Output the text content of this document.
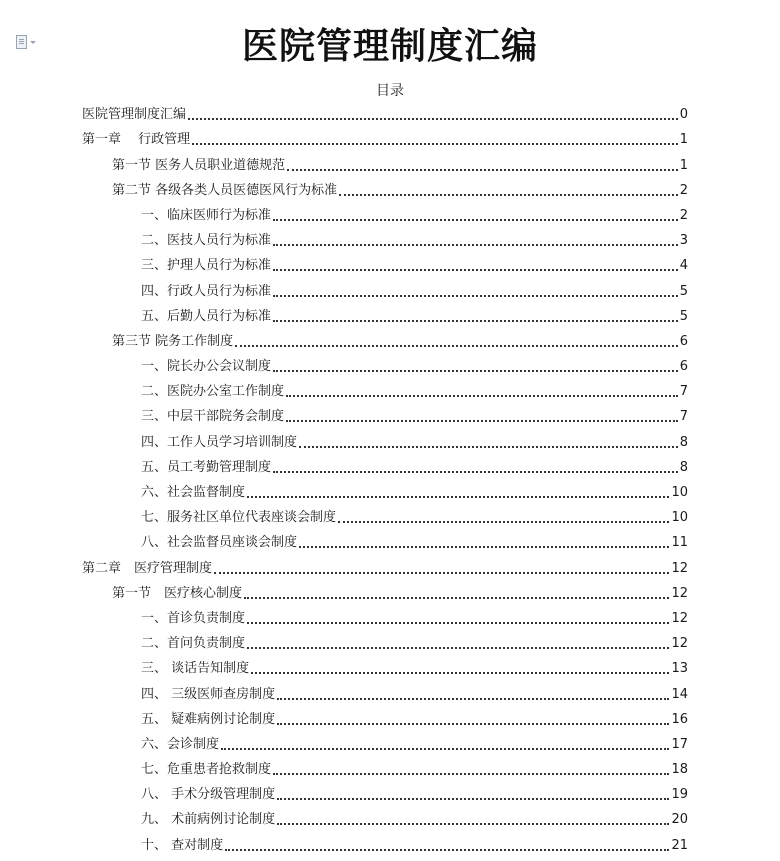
医院管理制度汇编
目录
医院管理制度汇编	0
第一章　 行政管理	1
第一节 医务人员职业道德规范	1
第二节 各级各类人员医德医风行为标准	2
一、临床医师行为标准	2
二、医技人员行为标准	3
三、护理人员行为标准	4
四、行政人员行为标准	5
五、后勤人员行为标准	5
第三节 院务工作制度	6
一、院长办公会议制度	6
二、医院办公室工作制度	7
三、中层干部院务会制度	7
四、工作人员学习培训制度	8
五、员工考勤管理制度	8
六、社会监督制度	10
七、服务社区单位代表座谈会制度	10
八、社会监督员座谈会制度	11
第二章　医疗管理制度	12
第一节　医疗核心制度	12
一、首诊负责制度	12
二、首问负责制度	12
三、 谈话告知制度	13
四、 三级医师查房制度	14
五、 疑难病例讨论制度	16
六、会诊制度	17
七、危重患者抢救制度	18
八、 手术分级管理制度	19
九、 术前病例讨论制度	20
十、 查对制度	21
